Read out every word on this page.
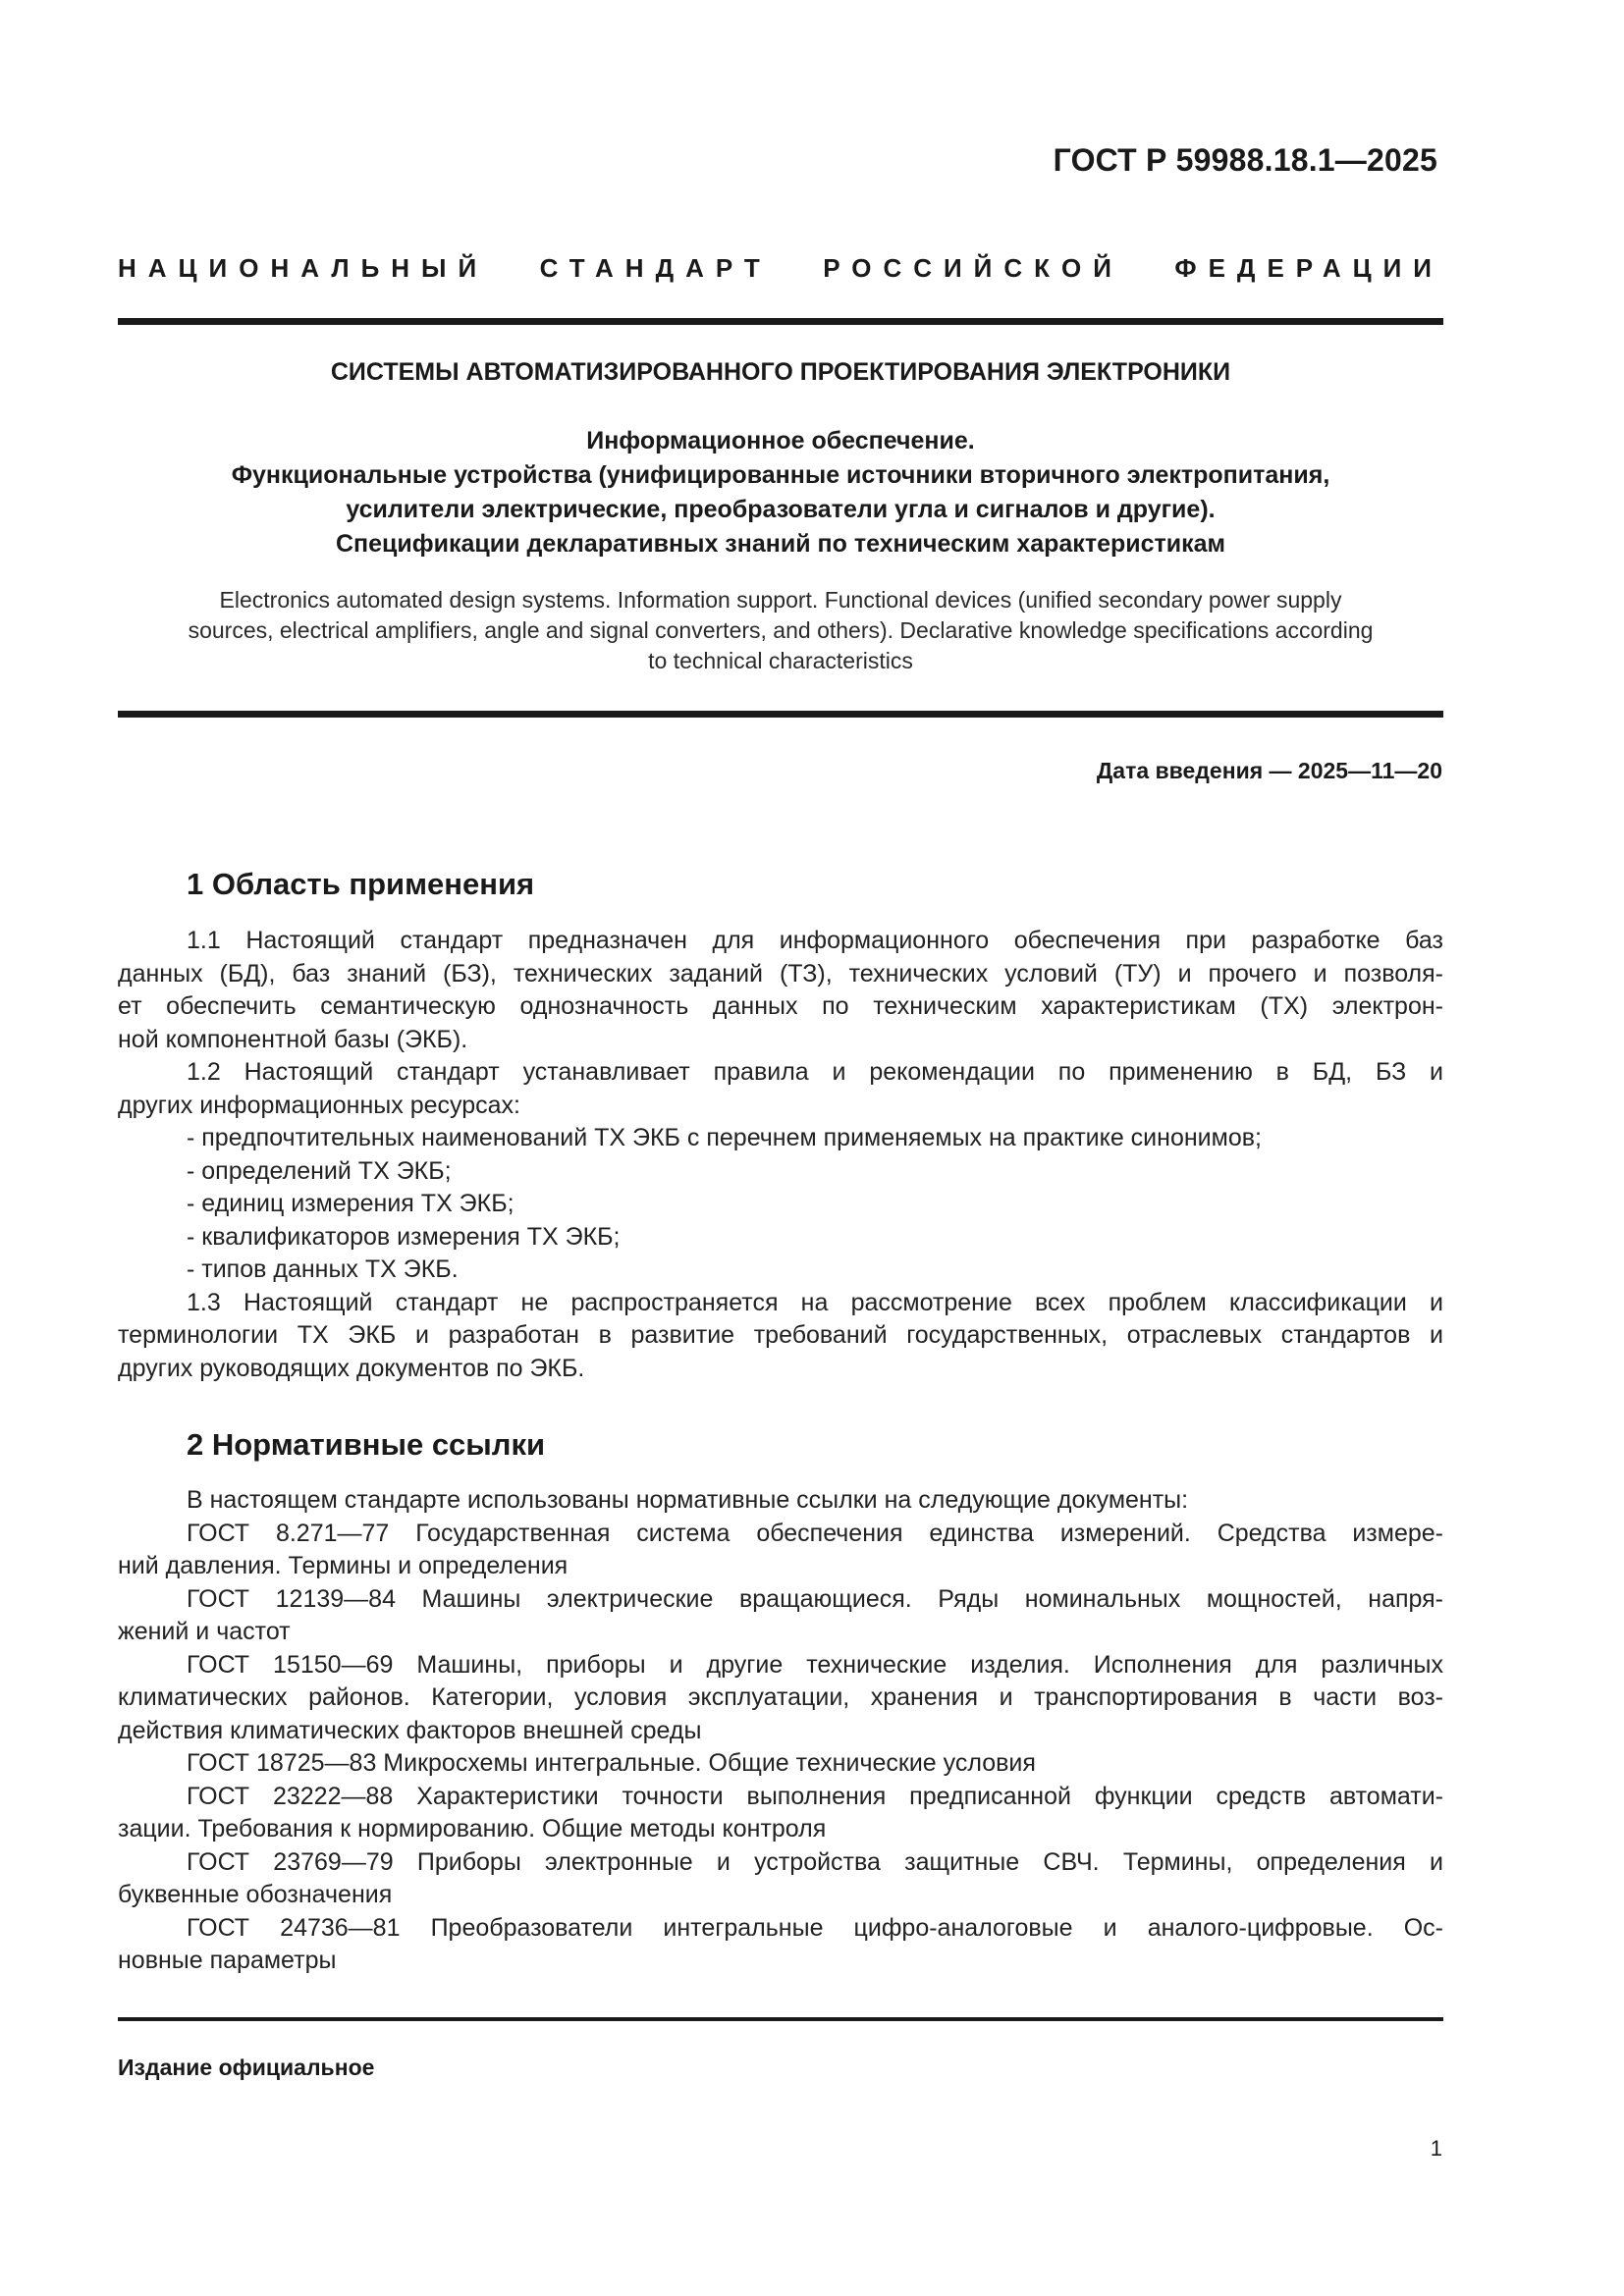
ГОСТ Р 59988.18.1—2025
НАЦИОНАЛЬНЫЙ СТАНДАРТ РОССИЙСКОЙ ФЕДЕРАЦИИ
СИСТЕМЫ АВТОМАТИЗИРОВАННОГО ПРОЕКТИРОВАНИЯ ЭЛЕКТРОНИКИ
Информационное обеспечение.
Функциональные устройства (унифицированные источники вторичного электропитания,
усилители электрические, преобразователи угла и сигналов и другие).
Спецификации декларативных знаний по техническим характеристикам
Electronics automated design systems. Information support. Functional devices (unified secondary power supply
sources, electrical amplifiers, angle and signal converters, and others). Declarative knowledge specifications according
to technical characteristics
Дата введения — 2025—11—20
1 Область применения
1.1 Настоящий стандарт предназначен для информационного обеспечения при разработке баз
данных (БД), баз знаний (БЗ), технических заданий (ТЗ), технических условий (ТУ) и прочего и позволя-
ет обеспечить семантическую однозначность данных по техническим характеристикам (ТХ) электрон-
ной компонентной базы (ЭКБ).
1.2 Настоящий стандарт устанавливает правила и рекомендации по применению в БД, БЗ и
других информационных ресурсах:
- предпочтительных наименований ТХ ЭКБ с перечнем применяемых на практике синонимов;
- определений ТХ ЭКБ;
- единиц измерения ТХ ЭКБ;
- квалификаторов измерения ТХ ЭКБ;
- типов данных ТХ ЭКБ.
1.3 Настоящий стандарт не распространяется на рассмотрение всех проблем классификации и
терминологии ТХ ЭКБ и разработан в развитие требований государственных, отраслевых стандартов и
других руководящих документов по ЭКБ.
2 Нормативные ссылки
В настоящем стандарте использованы нормативные ссылки на следующие документы:
ГОСТ 8.271—77 Государственная система обеспечения единства измерений. Средства измере-
ний давления. Термины и определения
ГОСТ 12139—84 Машины электрические вращающиеся. Ряды номинальных мощностей, напря-
жений и частот
ГОСТ 15150—69 Машины, приборы и другие технические изделия. Исполнения для различных
климатических районов. Категории, условия эксплуатации, хранения и транспортирования в части воз-
действия климатических факторов внешней среды
ГОСТ 18725—83 Микросхемы интегральные. Общие технические условия
ГОСТ 23222—88 Характеристики точности выполнения предписанной функции средств автомати-
зации. Требования к нормированию. Общие методы контроля
ГОСТ 23769—79 Приборы электронные и устройства защитные СВЧ. Термины, определения и
буквенные обозначения
ГОСТ 24736—81 Преобразователи интегральные цифро-аналоговые и аналого-цифровые. Ос-
новные параметры
Издание официальное
1
